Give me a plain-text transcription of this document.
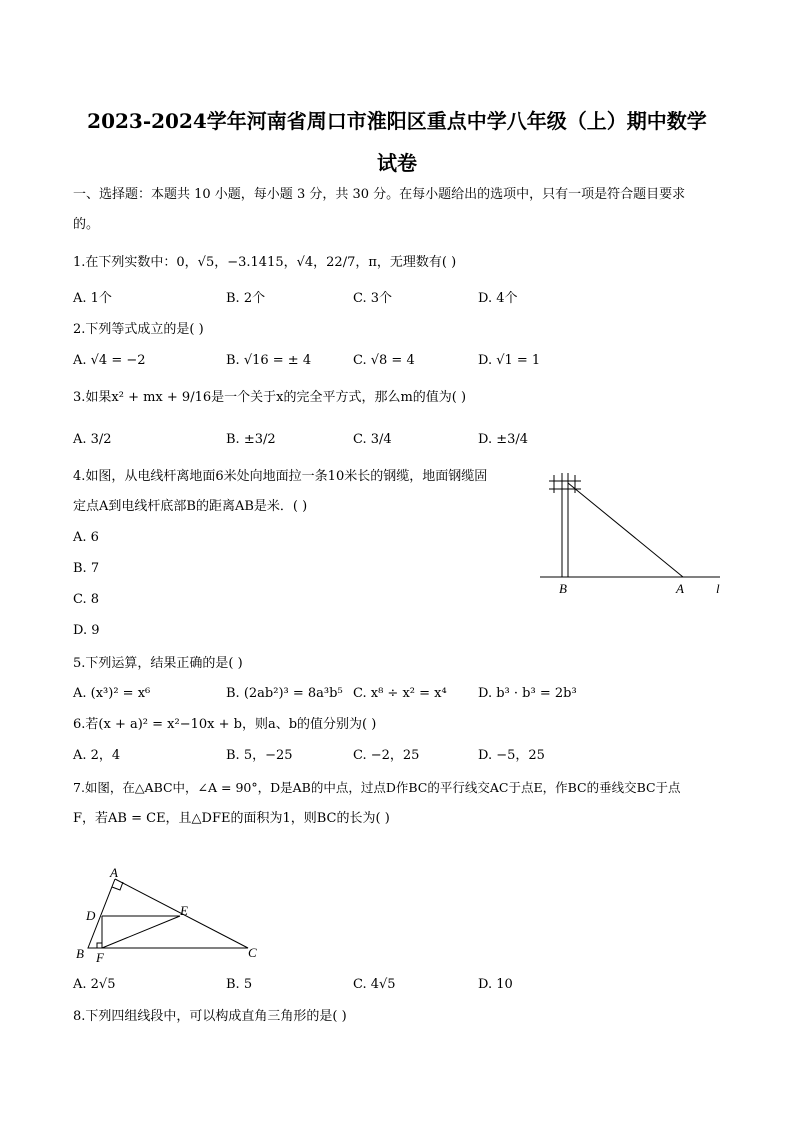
2023-2024学年河南省周口市淮阳区重点中学八年级（上）期中数学
试卷
一、选择题：本题共 10 小题，每小题 3 分，共 30 分。在每小题给出的选项中，只有一项是符合题目要求
的。
1.在下列实数中：0，√5，−3.1415，√4，22/7，π，无理数有( )
A. 1个	B. 2个	C. 3个	D. 4个
2.下列等式成立的是( )
A. √4 = −2	B. √16 = ± 4	C. √8 = 4	D. √1 = 1
3.如果x² + mx + 9/16是一个关于x的完全平方式，那么m的值为( )
A. 3/2	B. ±3/2	C. 3/4	D. ±3/4
4.如图，从电线杆离地面6米处向地面拉一条10米长的钢缆，地面钢缆固
定点A到电线杆底部B的距离AB是米．( )
A. 6
B. 7
C. 8
D. 9
B	A l
5.下列运算，结果正确的是( )
A. (x³)² = x⁶	B. (2ab²)³ = 8a³b⁵ C. x⁸ ÷ x² = x⁴ D. b³ · b³ = 2b³
6.若(x + a)² = x²−10x + b，则a、b的值分别为( )
A. 2，4	B. 5，−25	C. −2，25	D. −5，25
7.如图，在△ABC中，∠A = 90°，D是AB的中点，过点D作BC的平行线交AC于点E，作BC的垂线交BC于点
F，若AB = CE，且△DFE的面积为1，则BC的长为( )
A
D	E
B F	C
A. 2√5	B. 5	C. 4√5	D. 10
8.下列四组线段中，可以构成直角三角形的是( )
